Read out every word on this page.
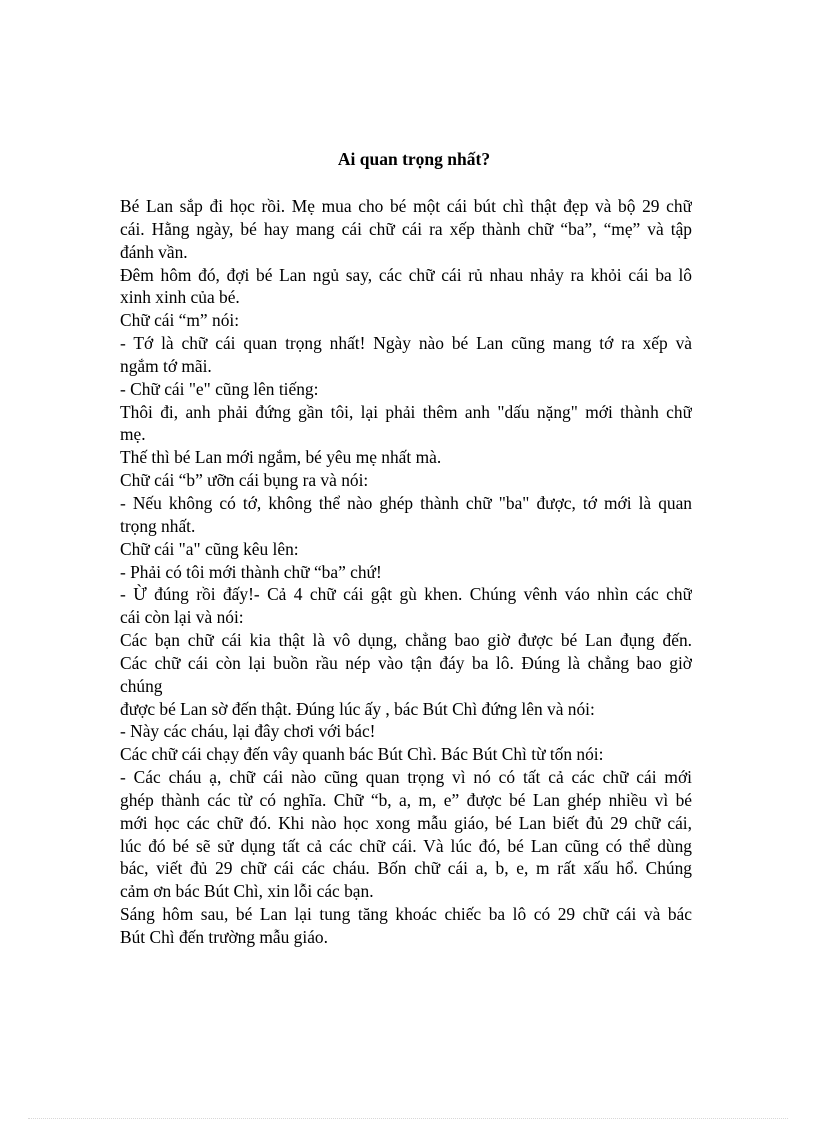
Ai quan trọng nhất?
Bé Lan sắp đi học rồi. Mẹ mua cho bé một cái bút chì thật đẹp và bộ 29 chữ
cái. Hằng ngày, bé hay mang cái chữ cái ra xếp thành chữ “ba”, “mẹ” và tập
đánh vần.
Đêm hôm đó, đợi bé Lan ngủ say, các chữ cái rủ nhau nhảy ra khỏi cái ba lô
xinh xinh của bé.
Chữ cái “m” nói:
- Tớ là chữ cái quan trọng nhất! Ngày nào bé Lan cũng mang tớ ra xếp và
ngắm tớ mãi.
- Chữ cái "e" cũng lên tiếng:
Thôi đi, anh phải đứng gần tôi, lại phải thêm anh "dấu nặng" mới thành chữ
mẹ.
Thế thì bé Lan mới ngắm, bé yêu mẹ nhất mà.
Chữ cái “b” ưỡn cái bụng ra và nói:
- Nếu không có tớ, không thể nào ghép thành chữ "ba" được, tớ mới là quan
trọng nhất.
Chữ cái "a" cũng kêu lên:
- Phải có tôi mới thành chữ “ba” chứ!
- Ừ đúng rồi đấy!- Cả 4 chữ cái gật gù khen. Chúng vênh váo nhìn các chữ
cái còn lại và nói:
Các bạn chữ cái kia thật là vô dụng, chẳng bao giờ được bé Lan đụng đến.
Các chữ cái còn lại buồn rầu nép vào tận đáy ba lô. Đúng là chẳng bao giờ
chúng
được bé Lan sờ đến thật. Đúng lúc ấy , bác Bút Chì đứng lên và nói:
- Này các cháu, lại đây chơi với bác!
Các chữ cái chạy đến vây quanh bác Bút Chì. Bác Bút Chì từ tốn nói:
- Các cháu ạ, chữ cái nào cũng quan trọng vì nó có tất cả các chữ cái mới
ghép thành các từ có nghĩa. Chữ “b, a, m, e” được bé Lan ghép nhiều vì bé
mới học các chữ đó. Khi nào học xong mẫu giáo, bé Lan biết đủ 29 chữ cái,
lúc đó bé sẽ sử dụng tất cả các chữ cái. Và lúc đó, bé Lan cũng có thể dùng
bác, viết đủ 29 chữ cái các cháu. Bốn chữ cái a, b, e, m rất xấu hổ. Chúng
cảm ơn bác Bút Chì, xin lỗi các bạn.
Sáng hôm sau, bé Lan lại tung tăng khoác chiếc ba lô có 29 chữ cái và bác
Bút Chì đến trường mẫu giáo.
